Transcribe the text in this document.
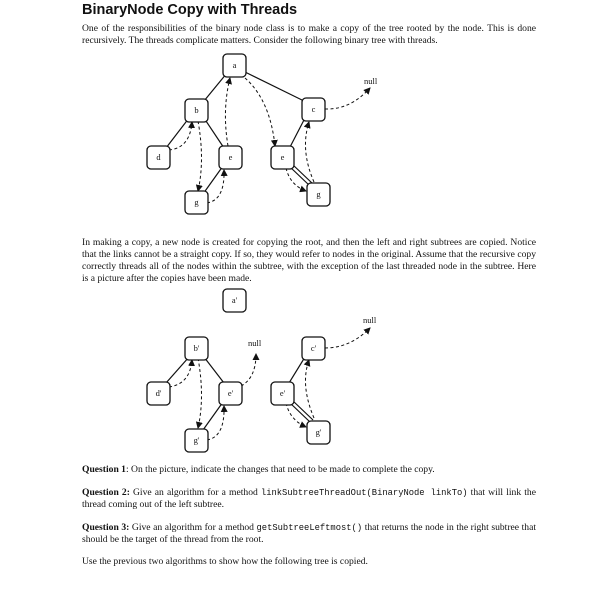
BinaryNode Copy with Threads

One of the responsibilities of the binary node class is to make a copy of the tree rooted by the node. This is done recursively. The threads complicate matters. Consider the following binary tree with threads.

a
b	c
d	e	e
g
g
null
a'
b'	c'
d'	e'	e'
g'
g'
null
null

In making a copy, a new node is created for copying the root, and then the left and right subtrees are copied. Notice that the links cannot be a straight copy. If so, they would refer to nodes in the original. Assume that the recursive copy correctly threads all of the nodes within the subtree, with the exception of the last threaded node in the subtree. Here is a picture after the copies have been made.

Question 1: On the picture, indicate the changes that need to be made to complete the copy.

Question 2: Give an algorithm for a method linkSubtreeThreadOut(BinaryNode linkTo) that will link the thread coming out of the left subtree.

Question 3: Give an algorithm for a method getSubtreeLeftmost() that returns the node in the right subtree that should be the target of the thread from the root.

Use the previous two algorithms to show how the following tree is copied.
